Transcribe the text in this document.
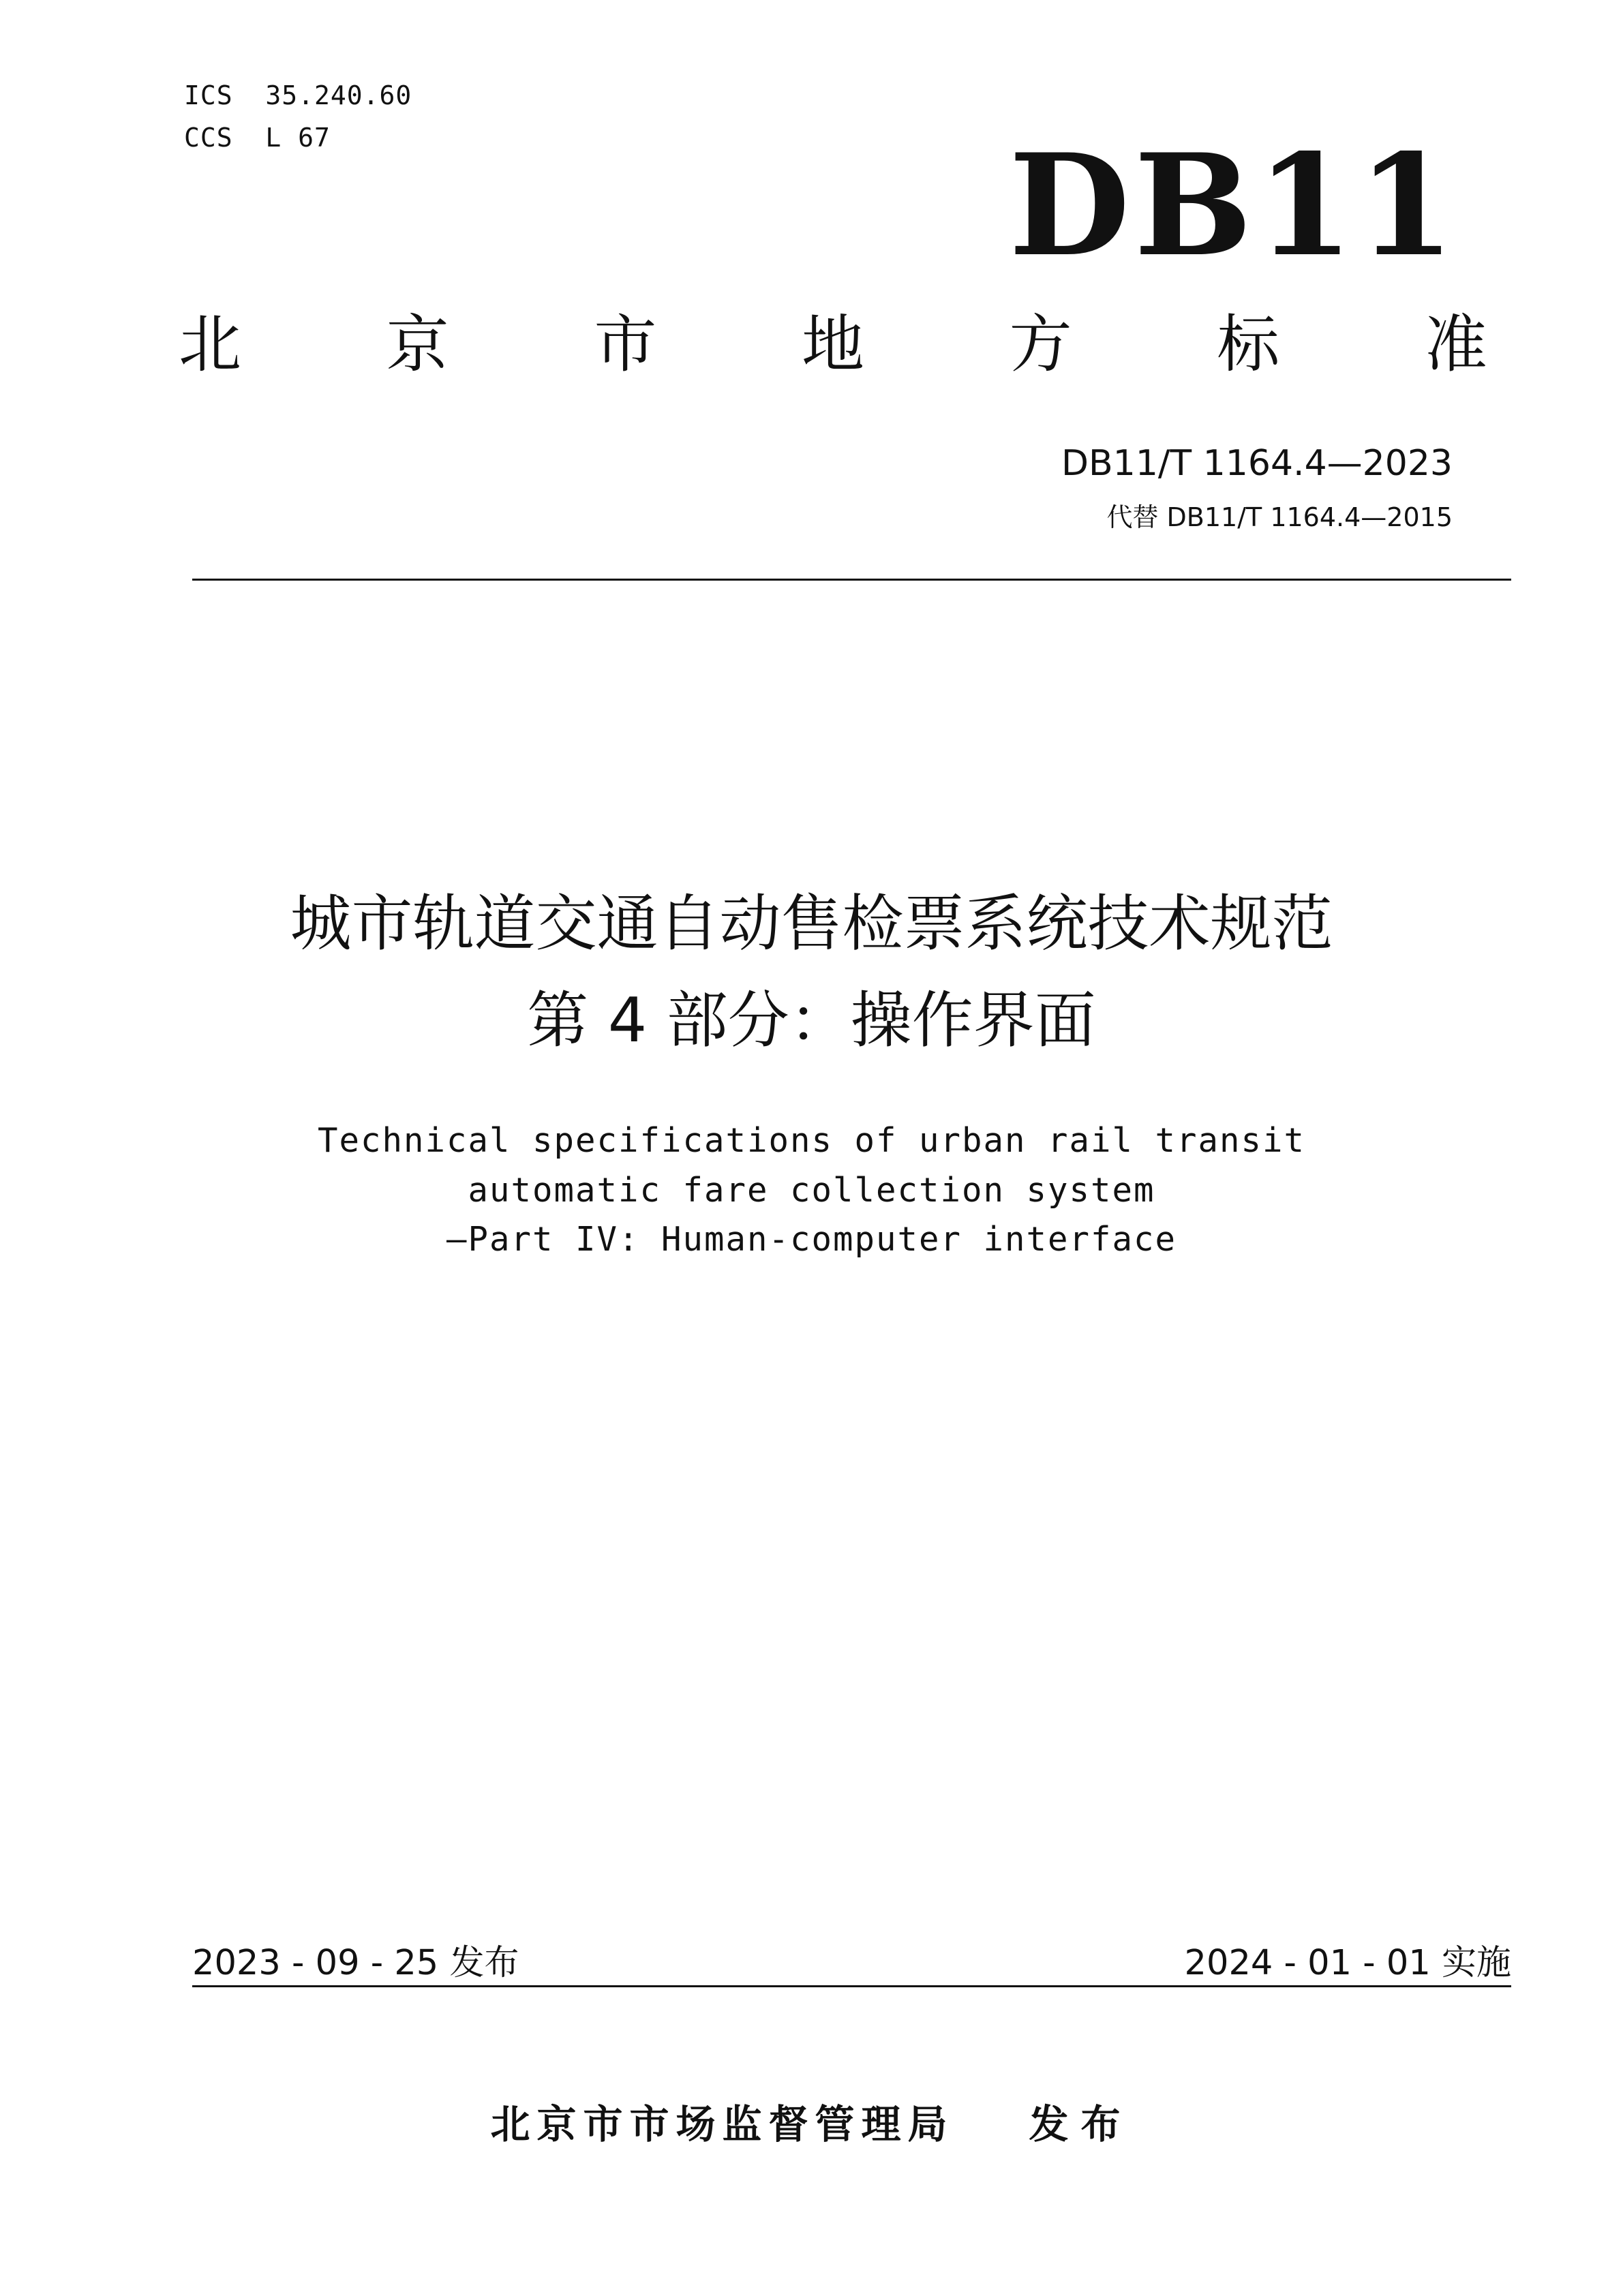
ICS  35.240.60
CCS  L 67	DB11
北 京 市 地 方 标 准
DB11/T 1164.4—2023
代替 DB11/T 1164.4—2015
城市轨道交通自动售检票系统技术规范
第 4 部分：操作界面
Technical specifications of urban rail transit
automatic fare collection system
—Part IV: Human-computer interface
2023 - 09 - 25 发布	2024 - 01 - 01 实施
北京市市场监督管理局 发布
